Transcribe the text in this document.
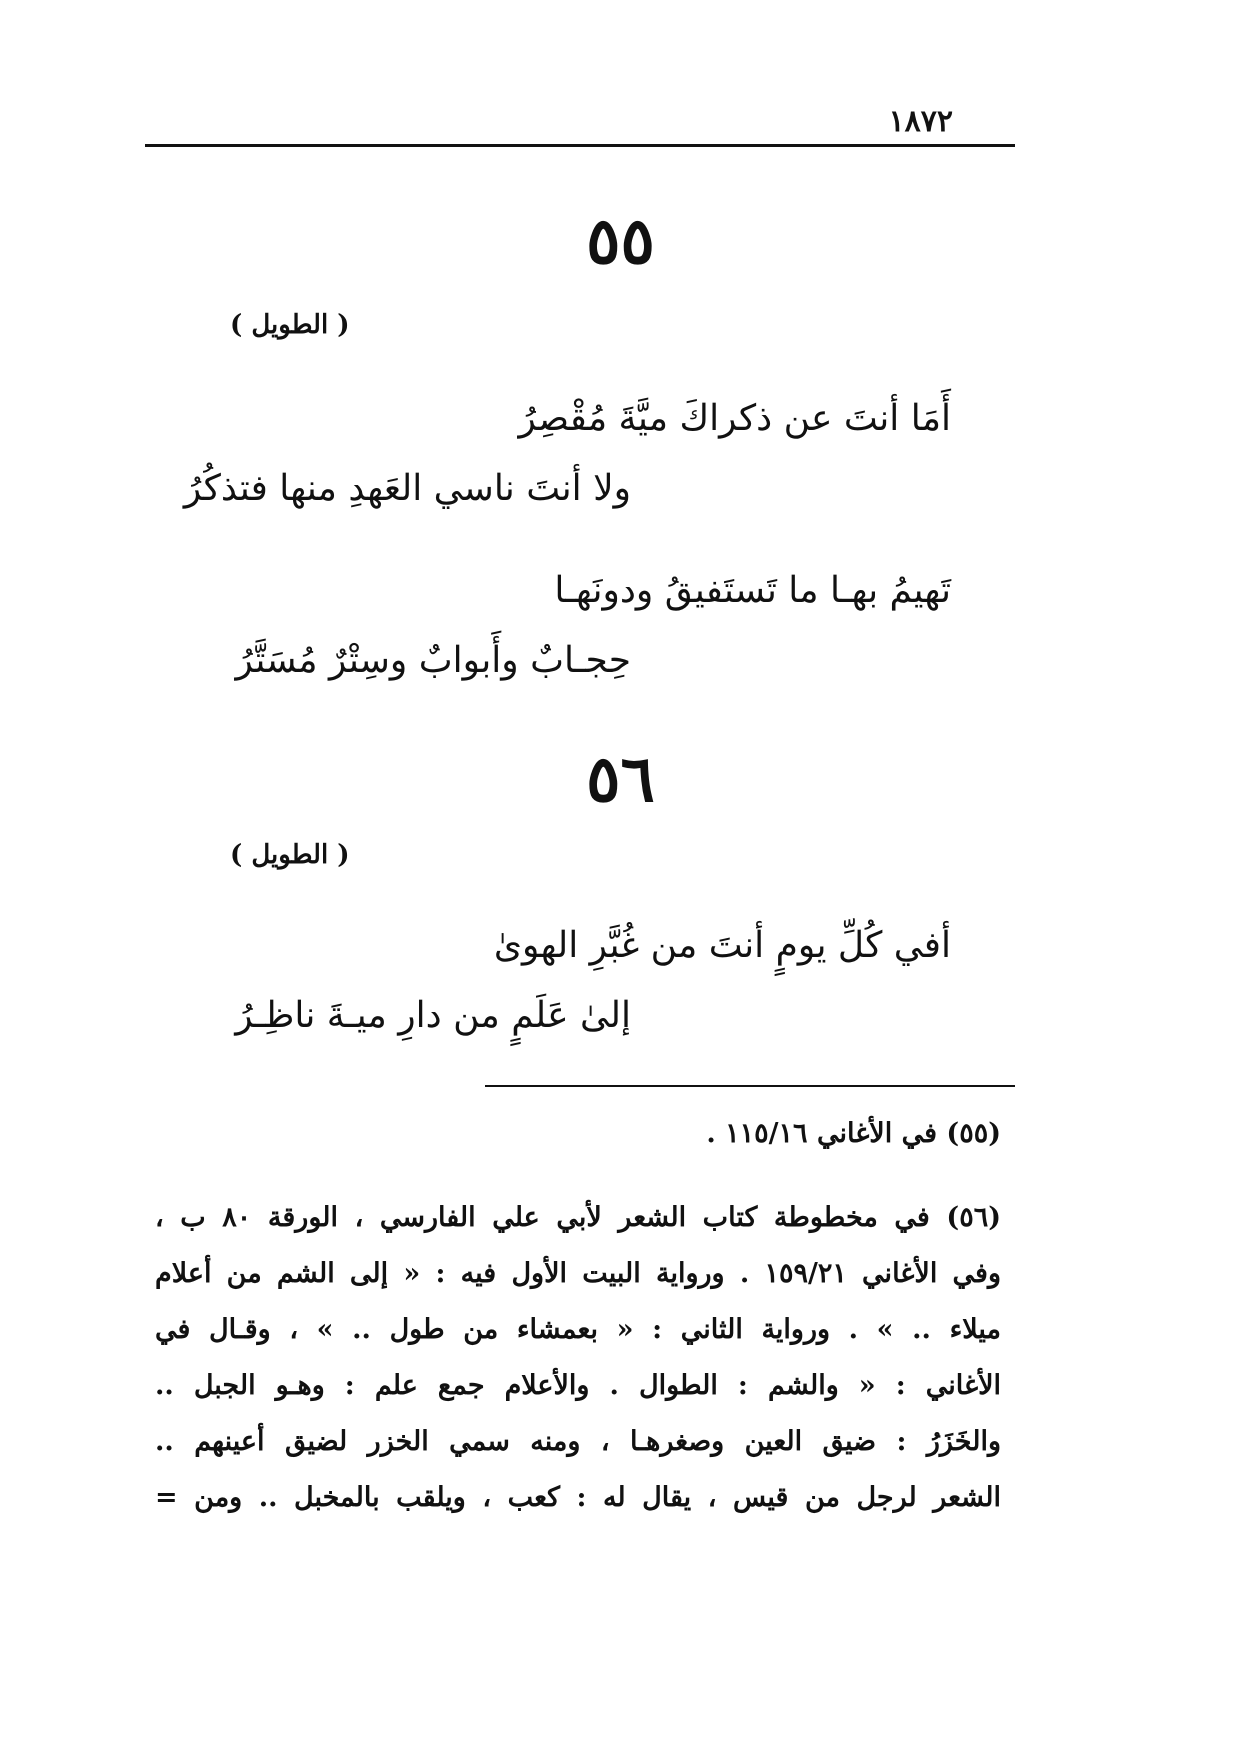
١٨٧٢
٥٥
( الطويل )
أَمَا أنتَ عن ذكراكَ ميَّةَ مُقْصِرُ
ولا أنتَ ناسي العَهدِ منها فتذكُرُ
تَهيمُ بهـا ما تَستَفيقُ ودونَهـا
حِجـابٌ وأَبوابٌ وسِتْرٌ مُسَتَّرُ
٥٦
( الطويل )
أفي كُلِّ يومٍ أنتَ من غُبَّرِ الهوىٰ
إلىٰ عَلَمٍ من دارِ ميـةَ ناظِـرُ
(٥٥) في الأغاني ١١٥/١٦ .
(٥٦) في مخطوطة كتاب الشعر لأبي علي الفارسي ، الورقة ٨٠ ب ،
وفي الأغاني ١٥٩/٢١ . ورواية البيت الأول فيه : « إلى الشم من أعلام
ميلاء .. » . ورواية الثاني : « بعمشاء من طول .. » ، وقـال في
الأغاني : « والشم : الطوال . والأعلام جمع علم : وهـو الجبل ..
والخَزَرُ : ضيق العين وصغرهـا ، ومنه سمي الخزر لضيق أعينهم ..
الشعر لرجل من قيس ، يقال له : كعب ، ويلقب بالمخبل .. ومن =
